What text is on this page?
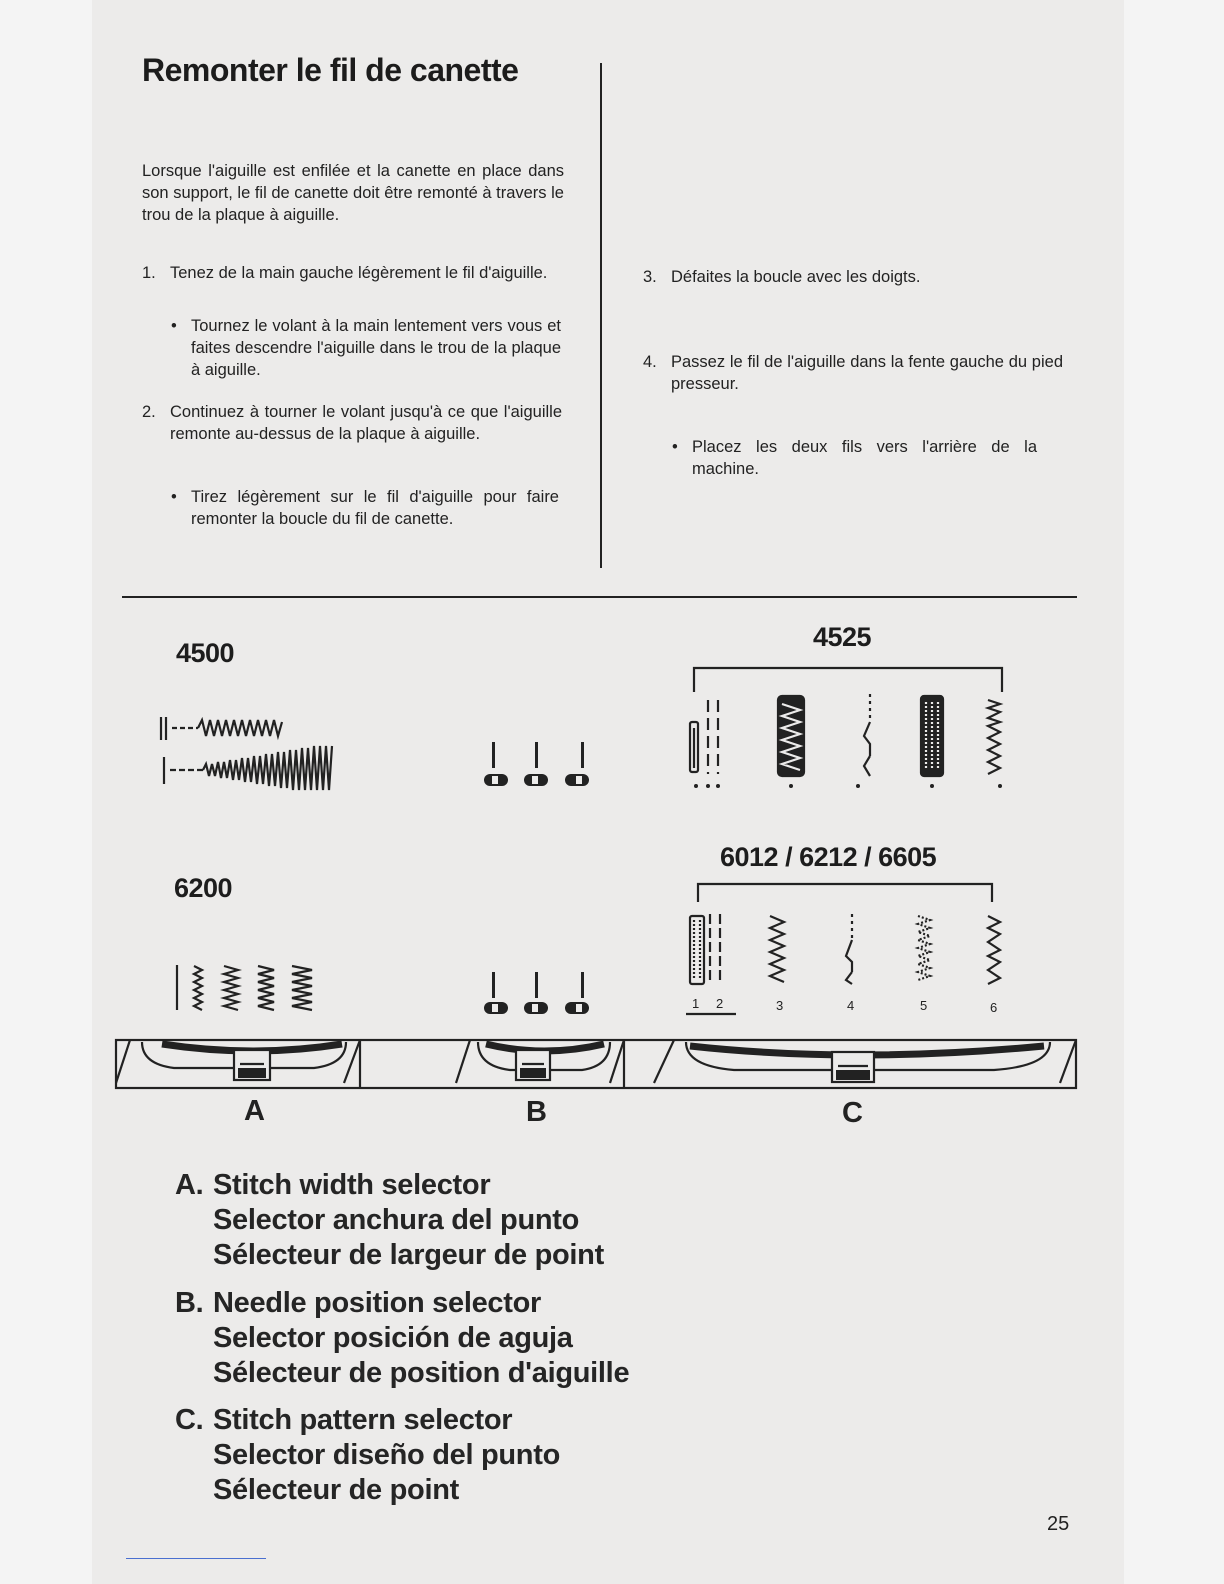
Remonter le fil de canette
Lorsque l'aiguille est enfilée et la canette en place dans son support, le fil de canette doit être remonté à travers le trou de la plaque à aiguille.
1. Tenez de la main gauche légèrement le fil d'aiguille.
• Tournez le volant à la main lentement vers vous et faites descendre l'aiguille dans le trou de la plaque à aiguille.
2. Continuez à tourner le volant jusqu'à ce que l'aiguille remonte au-dessus de la plaque à aiguille.
• Tirez légèrement sur le fil d'aiguille pour faire remonter la boucle du fil de canette.
3. Défaites la boucle avec les doigts.
4. Passez le fil de l'aiguille dans la fente gauche du pied presseur.
• Placez les deux fils vers l'arrière de la machine.
4500
4525
6200
6012 / 6212 / 6605
1 2	3	4	5	6
A	B	C
A. Stitch width selector
Selector anchura del punto
Sélecteur de largeur de point
B. Needle position selector
Selector posición de aguja
Sélecteur de position d'aiguille
C. Stitch pattern selector
Selector diseño del punto
Sélecteur de point
25
